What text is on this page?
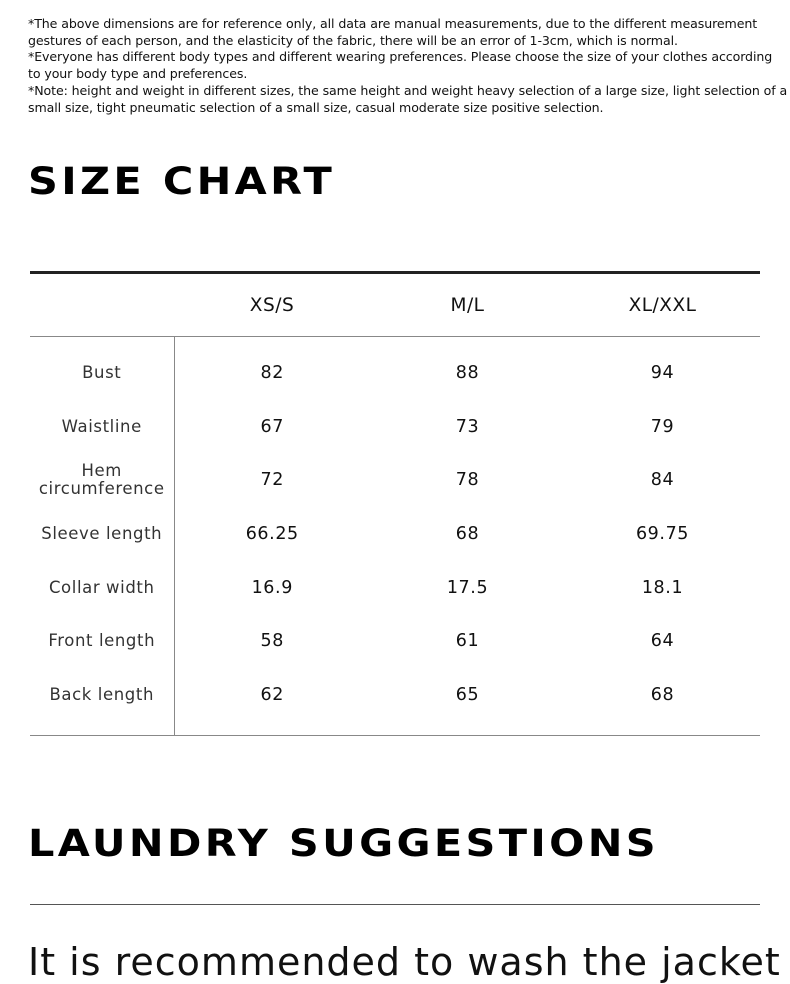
*The above dimensions are for reference only, all data are manual measurements, due to the different measurement gestures of each person, and the elasticity of the fabric, there will be an error of 1-3cm, which is normal.

*Everyone has different body types and different wearing preferences. Please choose the size of your clothes according to your body type and preferences.

*Note: height and weight in different sizes, the same height and weight heavy selection of a large size, light selection of a small size, tight pneumatic selection of a small size, casual moderate size positive selection.

SIZE CHART
	XS/S	M/L	XL/XXL
Bust	82	88	94
Waistline	67	73	79
Hem circumference	72	78	84
Sleeve length	66.25	68	69.75
Collar width	16.9	17.5	18.1
Front length	58	61	64
Back length	62	65	68
LAUNDRY SUGGESTIONS
It is recommended to wash the jacket
